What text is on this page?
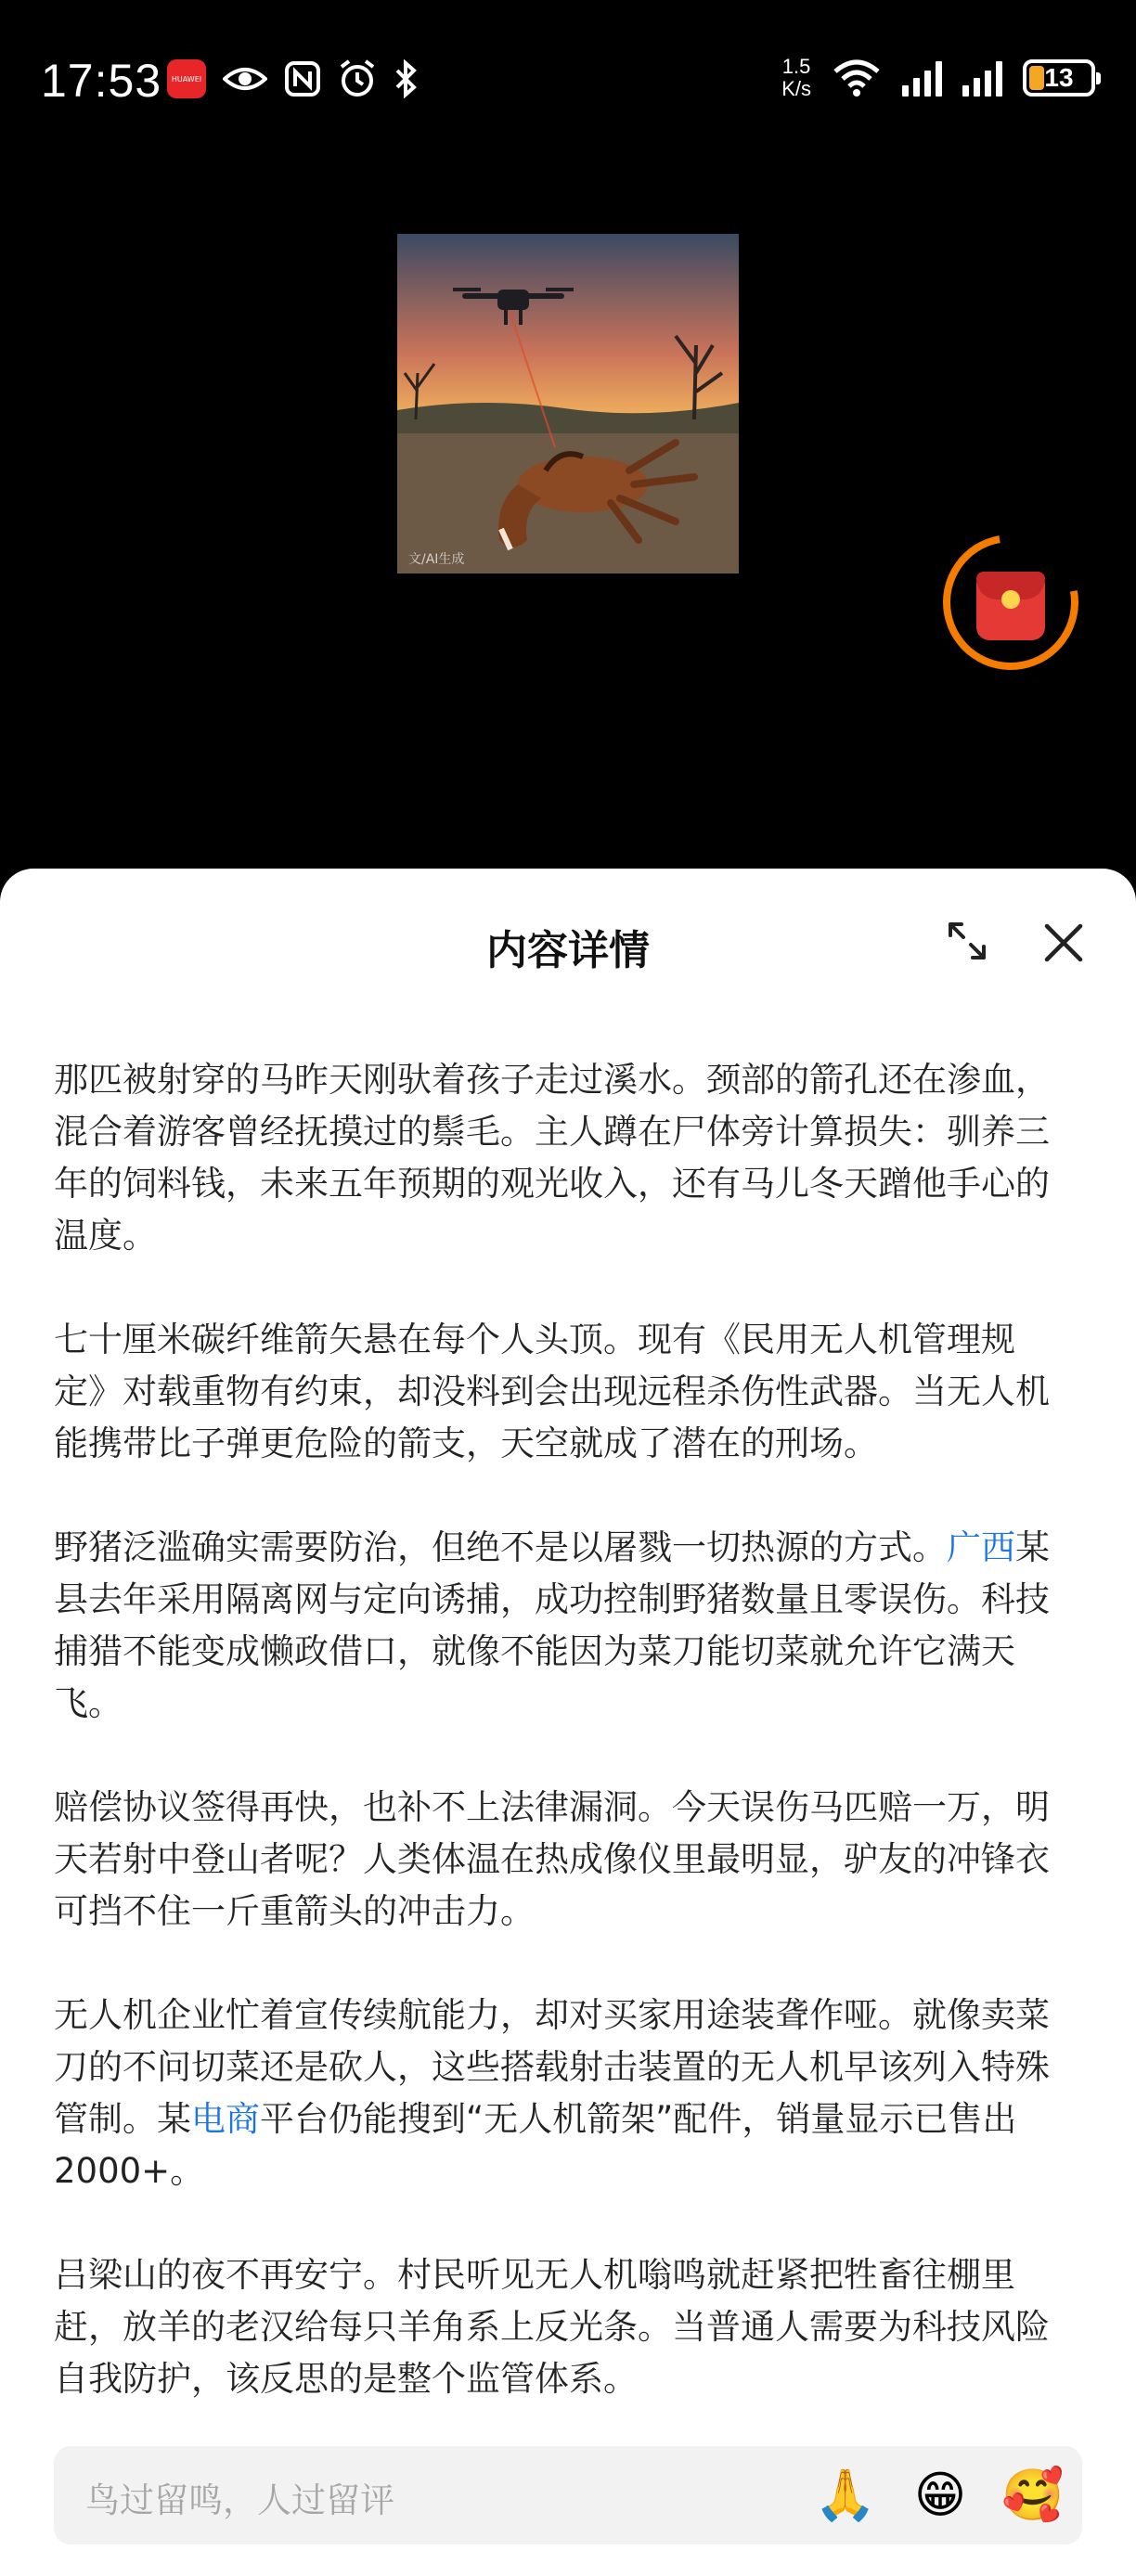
17:53 HUAWEI
1.5
K/s	13
文/AI生成
内容详情

那匹被射穿的马昨天刚驮着孩子走过溪水。颈部的箭孔还在渗血，混合着游客曾经抚摸过的鬃毛。主人蹲在尸体旁计算损失：驯养三年的饲料钱，未来五年预期的观光收入，还有马儿冬天蹭他手心的温度。

七十厘米碳纤维箭矢悬在每个人头顶。现有《民用无人机管理规定》对载重物有约束，却没料到会出现远程杀伤性武器。当无人机能携带比子弹更危险的箭支，天空就成了潜在的刑场。

野猪泛滥确实需要防治，但绝不是以屠戮一切热源的方式。广西某县去年采用隔离网与定向诱捕，成功控制野猪数量且零误伤。科技捕猎不能变成懒政借口，就像不能因为菜刀能切菜就允许它满天飞。

赔偿协议签得再快，也补不上法律漏洞。今天误伤马匹赔一万，明天若射中登山者呢？人类体温在热成像仪里最明显，驴友的冲锋衣可挡不住一斤重箭头的冲击力。

无人机企业忙着宣传续航能力，却对买家用途装聋作哑。就像卖菜刀的不问切菜还是砍人，这些搭载射击装置的无人机早该列入特殊管制。某电商平台仍能搜到“无人机箭架”配件，销量显示已售出2000+。

吕梁山的夜不再安宁。村民听见无人机嗡鸣就赶紧把牲畜往棚里赶，放羊的老汉给每只羊角系上反光条。当普通人需要为科技风险自我防护，该反思的是整个监管体系。

鸟过留鸣，人过留评	🙏 😁 🥰
